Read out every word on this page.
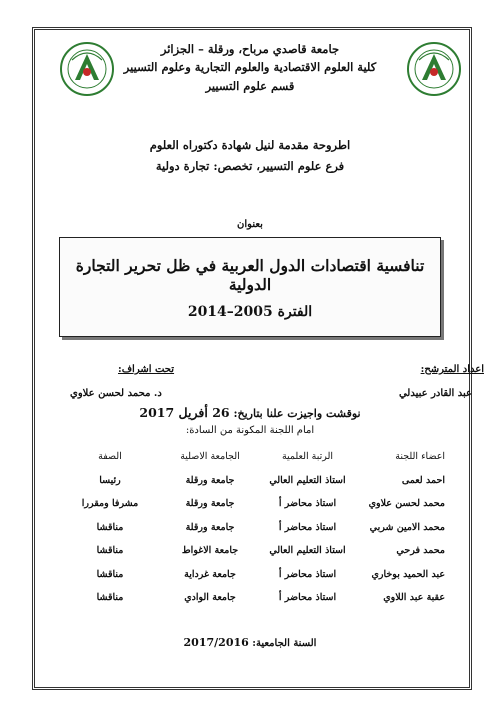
جامعة قاصدي مرباح، ورقلة – الجزائر
كلية العلوم الاقتصادية والعلوم التجارية وعلوم التسيير
قسم علوم التسيير
اطروحة مقدمة لنيل شهادة دكتوراه العلوم
فرع علوم التسيير، تخصص: تجارة دولية
بعنوان
تنافسية اقتصادات الدول العربية في ظل تحرير التجارة الدولية
الفترة 2005–2014
اعداد المترشح:
عبد القادر عبيدلي
تحت اشراف:
د. محمد لحسن علاوي
نوقشت واجيزت علنا بتاريخ: 26 أفريل 2017
امام اللجنة المكونة من السادة:
اعضاء اللجنة	الرتبة العلمية	الجامعة الاصلية	الصفة
احمد لعمى	استاذ التعليم العالي	جامعة ورقلة	رئيسا
محمد لحسن علاوي	استاذ محاضر أ	جامعة ورقلة	مشرفا ومقررا
محمد الامين شربي	استاذ محاضر أ	جامعة ورقلة	مناقشا
محمد فرحي	استاذ التعليم العالي	جامعة الاغواط	مناقشا
عبد الحميد بوخاري	استاذ محاضر أ	جامعة غرداية	مناقشا
عقبة عبد اللاوي	استاذ محاضر أ	جامعة الوادي	مناقشا
السنة الجامعية: 2017/2016
